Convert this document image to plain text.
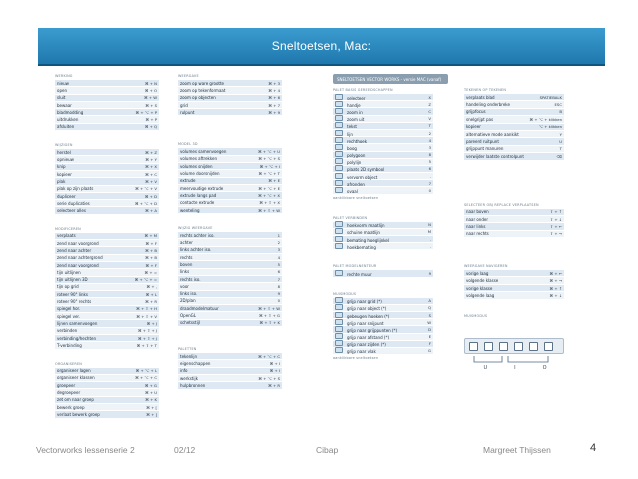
Sneltoetsen, Mac:
WERKING
nieuw	⌘ + N
open	⌘ + O
sluit	⌘ + W
bewaar	⌘ + S
bladmodding	⌘ + ⌥ + P
uitdrukken	⌘ + P
afsluiten	⌘ + Q
WIJZIGEN
herstel	⌘ + Z
opnieuw	⌘ + Y
knip	⌘ + X
kopieer	⌘ + C
plak	⌘ + V
plak op zijn plaats	⌘ + ⌥ + V
dupliceer	⌘ + D
serie duplicaties	⌘ + ⌥ + D
selecteer alles	⌘ + A
MODIFICEREN
verplaats	⌘ + M
zend naar voorgrond	⌘ + F
zend naar achter	⌘ + B
zend naar achtergrond	⌘ + B
zend naar voorgrond	⌘ + F
tijn uitlijnen	⌘ + =
tijn uitlijnen 3D	⌘ + ⌥ + =
tijn op grid	⌘ + ,
roteer 90° links	⌘ + L
roteer 90° rechts	⌘ + R
spiegel hor.	⌘ + ⇧ + H
spiegel ver.	⌘ + ⇧ + V
lijnen samenvoegen	⌘ + J
verbinden	⌘ + ⇧ + J
verbinding/hechten	⌘ + ⇧ + J
T-verbinding	⌘ + ⇧ + T
ORGANISEREN
organiseer lagen	⌘ + ⌥ + L
organiseer klassen	⌘ + ⌥ + C
groepeer	⌘ + G
degroepeer	⌘ + U
zet om naar groep	⌘ + K
bewerk groep	⌘ + [
verlaat bewerk groep	⌘ + ]
WEERGAVE
zoom op ware grootte	⌘ + 3
zoom op tekenformaat	⌘ + 4
zoom op objecten	⌘ + 6
grid	⌘ + 7
rulpunt	⌘ + 9
MODEL 3D
volumes samenvoegen	⌘ + ⌥ + U
volumes aftrekken	⌘ + ⌥ + S
volumes snijden	⌘ + ⌥ + I
volume doorsnijden	⌘ + ⌥ + T
extrude	⌘ + E
meervoudige extrude	⌘ + ⌥ + E
extrude langs pad	⌘ + ⌥ + X
contacte extrude	⌘ + ⇧ + X
wenteling	⌘ + ⇧ + W
WIJZIG WEERGAVE
rechts achter iso.	1
achter	2
links achter iso.	3
rechts	4
boven	5
links	6
rechts iso.	7
voor	8
links iso.	9
2D/plan	0
draadmodelmatuur	⌘ + ⇧ + W
OpenGL	⌘ + ⇧ + G
schetsstijl	⌘ + ⇧ + K
PALETTEN
tekenlijn	⌘ + ⌥ + C
eigenschappen	⌘ + I
info	⌘ + I
werkstijk	⌘ + ⌥ + S
hulpbronnen	⌘ + R
SNELTOETSEN VECTOR WORKS - versie MAC (vanaf)
PALET BASIS GEREEDSCHAPPEN
selecteer	X
handje	Z
zoom in	C
zoom uit	V
tekst	T
lijn	2
rechthoek	4
boog	3
polygoon	8
polylijn	5
plaats 2D symbool	6
vervorm object	.
afronden	7
ovaal	0
aanklikbare sneltoetsen
PALET VERBINDEN
hoekvorm maatlijn	N
schuine maatlijn	M
bemating hoeglijnkel	.
hoekbemating	.
PALET MODELNENTEUR
rechte muur	9
MUISMODUS
grijp naar grid (*)	A
grijp naar object (*)	Q
gebeugen hoeken (*)	S
grijp naar snijpunt	W
grijp naar grijppunten (*)	D
grijp naar afstand (*)	E
grijp naar zijden (*)	F
grijp naar vlak	G
aanklikbare sneltoetsen
TEKENEN OP TEKENEN
verplaats blad	SPATIEBALK
handeling onderbreke	ESC
grijpfocus	B
snelgrijpt pas	⌘ + ⌥ + klikken
kopieer	⌥ + klikken
alternatieve mode aankikt	Y
pareerd ruitpunt	U
grijppunt manuren	T
verwijder laatste controlpunt	⌫
SELECTEER OBJ REPLACE VERPLAATSEN
naar boven	⇧ + ↑
naar onder	⇧ + ↓
naar links	⇧ + ←
naar rechts	⇧ + →
WEERGAVE NAVIGEREN
vorige laag	⌘ + ←
volgende klasse	⌘ + →
vorige klasse	⌘ + ↑
volgende laag	⌘ + ↓
MUISMODUS
U	I	O
Vectorworks lessenserie 2	02/12	Cibap	Margreet Thijssen	4
